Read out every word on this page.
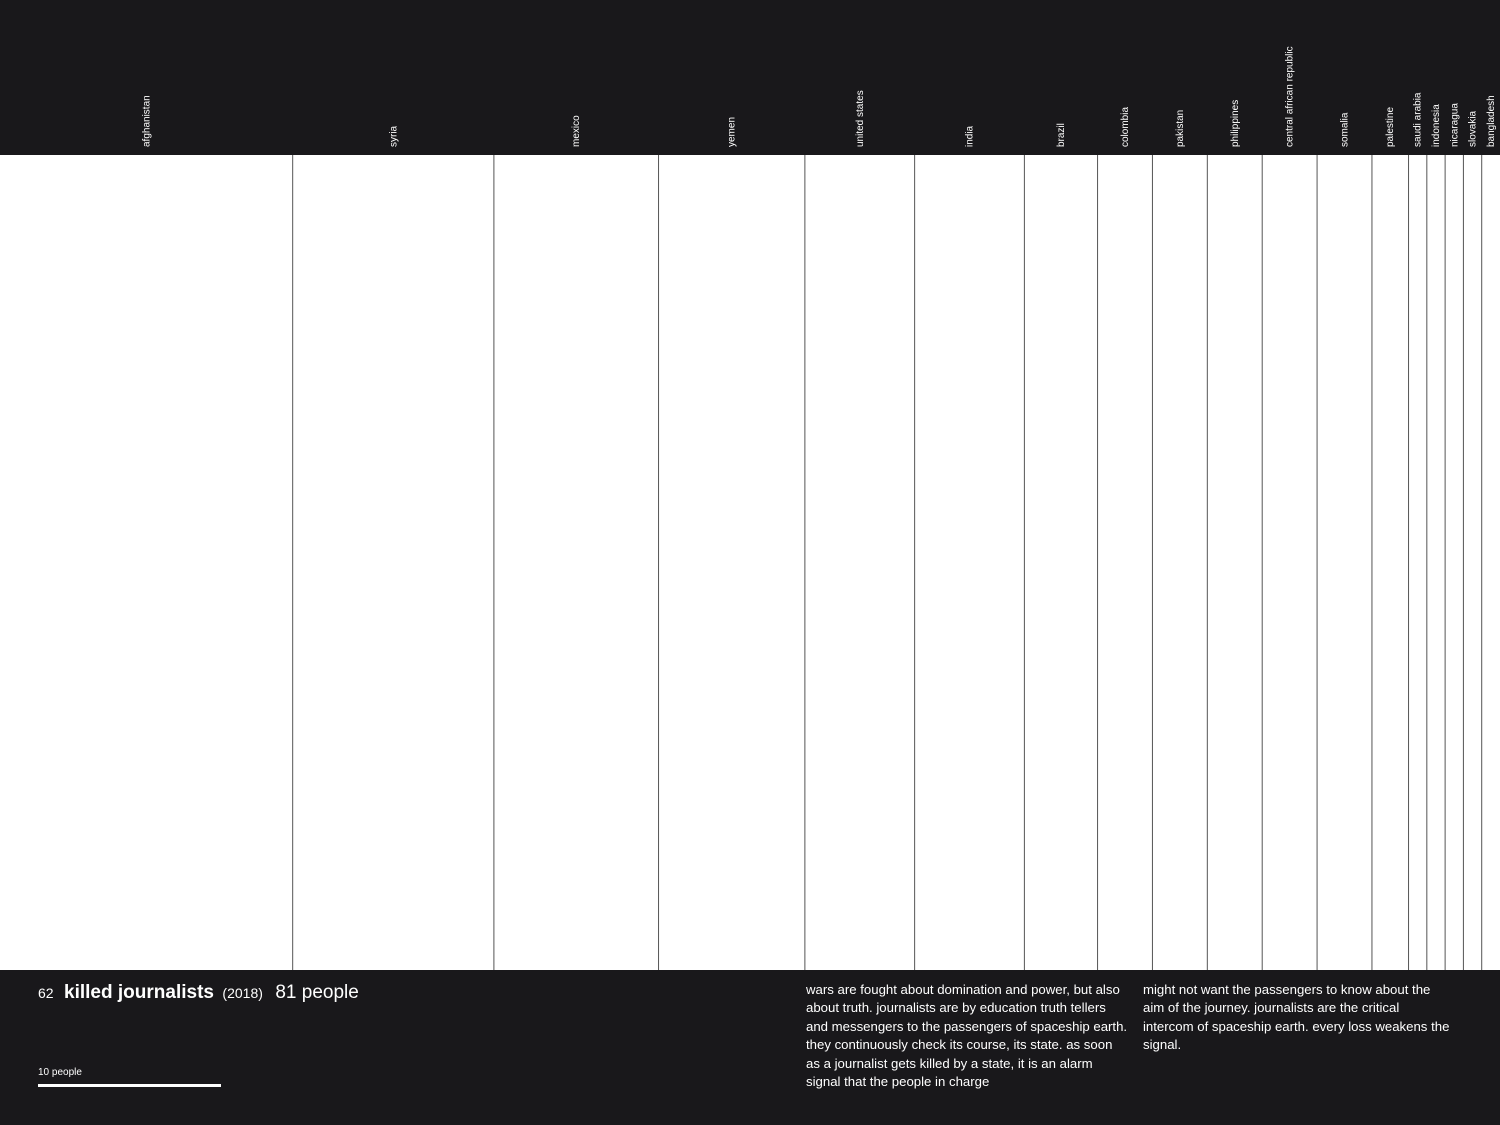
afghanistan	syria	mexico	yemen	united states	india	brazil	colombia	pakistan	philippines	central african republic	somalia	palestine saudi arabia indonesia nicaragua slovakia bangladesh
62 killed journalists (2018) 81 people
10 people
wars are fought about domination and power, but also about truth. journalists are by education truth tellers and messengers to the passengers of spaceship earth. they continuously check its course, its state. as soon as a journalist gets killed by a state, it is an alarm signal that the people in charge
might not want the passengers to know about the aim of the journey. journalists are the critical intercom of spaceship earth. every loss weakens the signal.
